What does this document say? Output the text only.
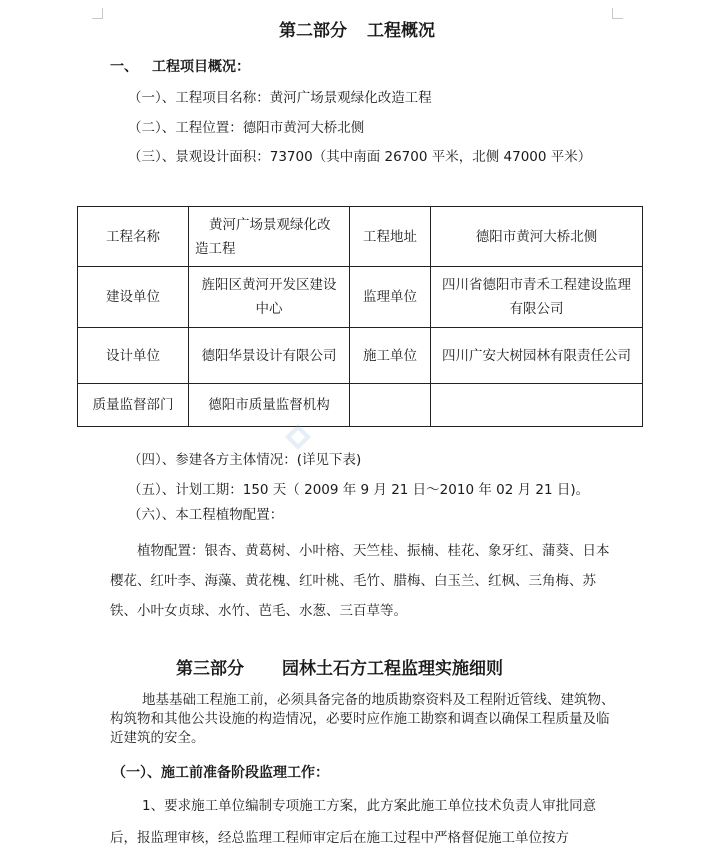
第二部分 工程概况
一、 工程项目概况：
（一）、工程项目名称：黄河广场景观绿化改造工程
（二）、工程位置：德阳市黄河大桥北侧
（三）、景观设计面积：73700（其中南面 26700 平米，北侧 47000 平米）
工程名称	黄河广场景观绿化改造工程	工程地址	德阳市黄河大桥北侧
建设单位	旌阳区黄河开发区建设中心	监理单位	四川省德阳市青禾工程建设监理有限公司
设计单位	德阳华景设计有限公司	施工单位	四川广安大树园林有限责任公司
质量监督部门	德阳市质量监督机构		
（四）、参建各方主体情况：(详见下表)
（五）、计划工期：150 天（ 2009 年 9 月 21 日～2010 年 02 月 21 日)。
（六）、本工程植物配置：

植物配置：银杏、黄葛树、小叶榕、天竺桂、振楠、桂花、象牙红、蒲葵、日本樱花、红叶李、海藻、黄花槐、红叶桃、毛竹、腊梅、白玉兰、红枫、三角梅、苏铁、小叶女贞球、水竹、芭毛、水葱、三百草等。

第三部分 园林土石方工程监理实施细则

地基基础工程施工前，必须具备完备的地质勘察资料及工程附近管线、建筑物、构筑物和其他公共设施的构造情况，必要时应作施工勘察和调查以确保工程质量及临近建筑的安全。

（一）、施工前准备阶段监理工作：

1、要求施工单位编制专项施工方案，此方案此施工单位技术负责人审批同意后，报监理审核，经总监理工程师审定后在施工过程中严格督促施工单位按方
